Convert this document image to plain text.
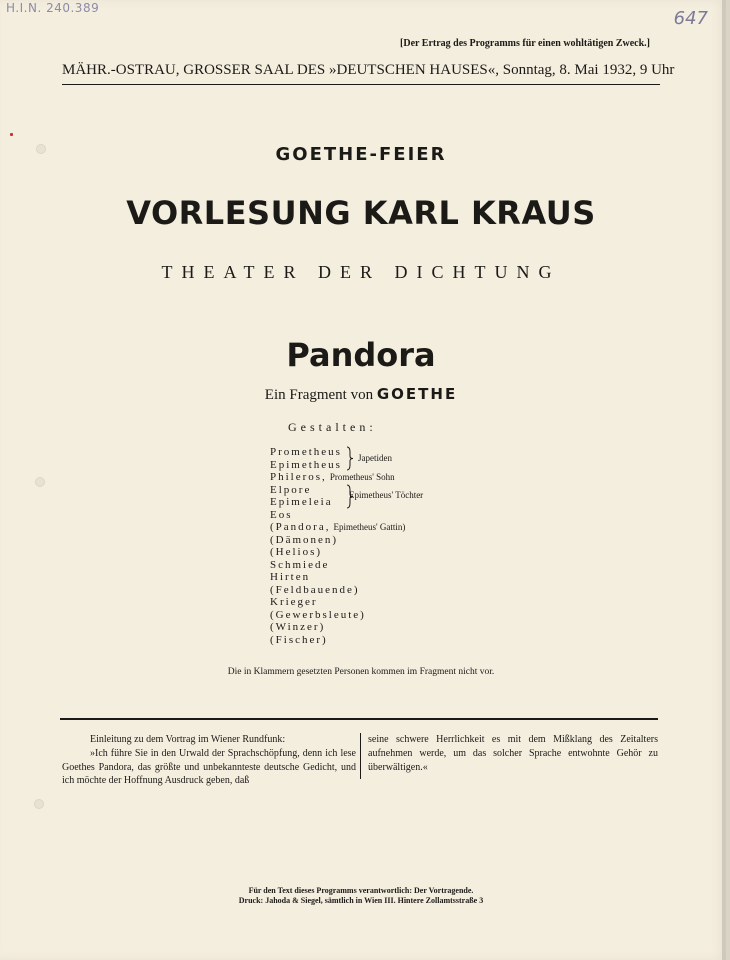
H.I.N. 240.389	647
[Der Ertrag des Programms für einen wohltätigen Zweck.]
MÄHR.-OSTRAU, GROSSER SAAL DES »DEUTSCHEN HAUSES«, Sonntag, 8. Mai 1932, 9 Uhr
GOETHE-FEIER
VORLESUNG KARL KRAUS
THEATER DER DICHTUNG
Pandora
Ein Fragment von GOETHE
Gestalten:
Prometheus
Epimetheus
Phileros, Prometheus' Sohn
Elpore
Epimeleia
Eos
(Pandora, Epimetheus' Gattin)
(Dämonen)
(Helios)
Schmiede
Hirten
(Feldbauende)
Krieger
(Gewerbsleute)
(Winzer)
(Fischer)
Japetiden
Epimetheus' Töchter
Die in Klammern gesetzten Personen kommen im Fragment nicht vor.
Einleitung zu dem Vortrag im Wiener Rundfunk:
»Ich führe Sie in den Urwald der Sprachschöpfung, denn ich lese Goethes Pandora, das größte und unbekannteste deutsche Gedicht, und ich möchte der Hoffnung Ausdruck geben, daß
seine schwere Herrlichkeit es mit dem Mißklang des Zeitalters aufnehmen werde, um das solcher Sprache entwohnte Gehör zu überwältigen.«
Für den Text dieses Programms verantwortlich: Der Vortragende.
Druck: Jahoda & Siegel, sämtlich in Wien III. Hintere Zollamtsstraße 3
